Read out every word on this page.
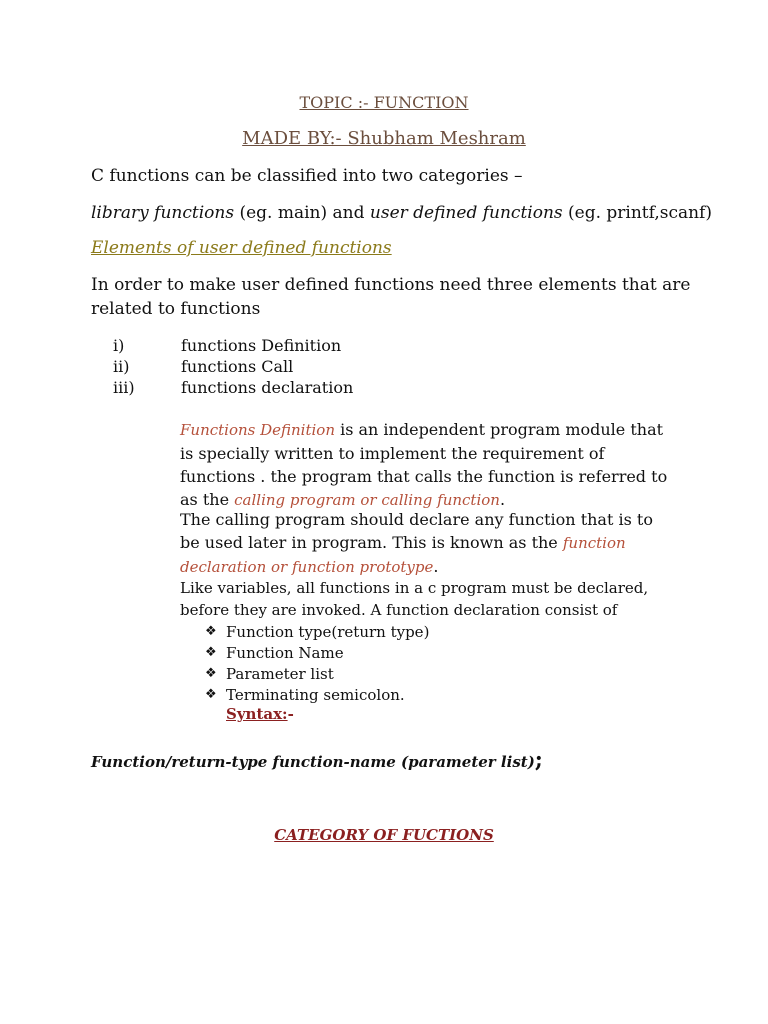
TOPIC :- FUNCTION
MADE BY:- Shubham Meshram
C functions can be classified into two categories –
library functions (eg. main) and user defined functions (eg. printf,scanf)
Elements of user defined functions
In order to make user defined functions need three elements that are
related to functions
i)	functions Definition
ii)	functions Call
iii)	functions declaration
Functions Definition is an independent program module that is specially written to implement the requirement of functions . the program that calls the function is referred to as the calling program or calling function.
The calling program should declare any function that is to be used later in program. This is known as the function declaration or function prototype.
Like variables, all functions in a c program must be declared, before they are invoked. A function declaration consist of
❖ Function type(return type)
❖ Function Name
❖ Parameter list
❖ Terminating semicolon.
Syntax:-
Function/return-type function-name (parameter list);
CATEGORY OF FUCTIONS
